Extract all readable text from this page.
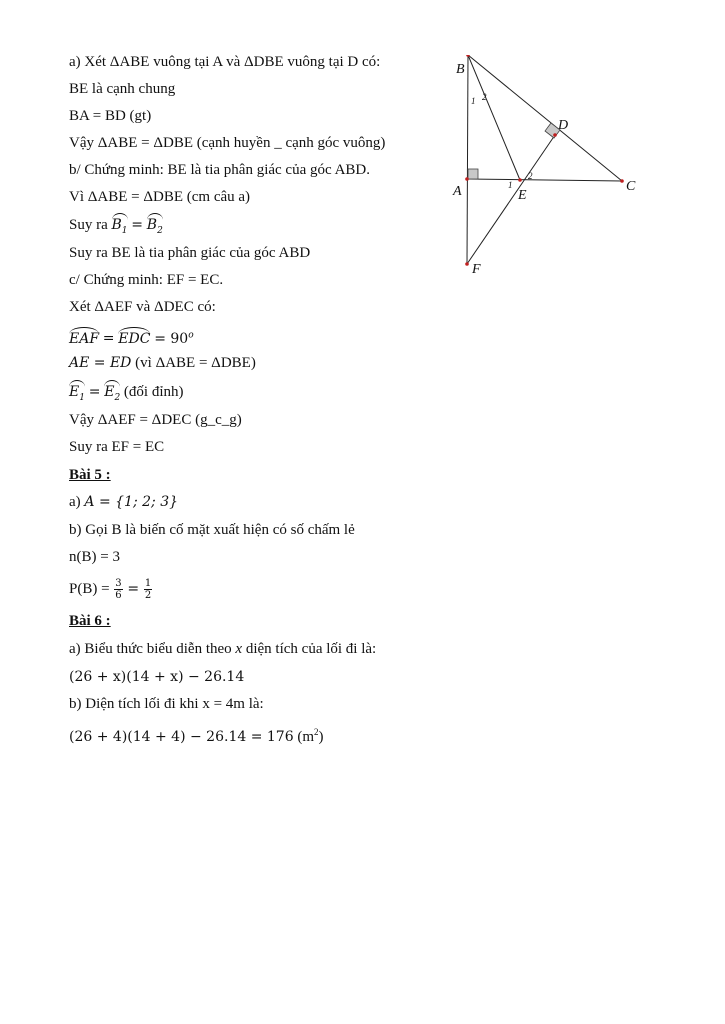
a) Xét ΔABE vuông tại A và ΔDBE vuông tại D có:
BE là cạnh chung
BA = BD (gt)
Vậy ΔABE = ΔDBE (cạnh huyền _ cạnh góc vuông)
b/ Chứng minh: BE là tia phân giác của góc ABD.
Vì ΔABE = ΔDBE (cm câu a)
Suy ra $B_1 = B_2$
Suy ra BE là tia phân giác của góc ABD
c/ Chứng minh: EF = EC.
Xét ΔAEF và ΔDEC có:
EAF = EDC = $90^o$
AE = ED (vì ΔABE = ΔDBE)
$E_1 = E_2$ (đối đỉnh)
Vậy ΔAEF = ΔDEC (g_c_g)
Suy ra EF = EC
Bài 5 :
a) A = {1; 2; 3}
b) Gọi B là biến cố mặt xuất hiện có số chấm lẻ
n(B) = 3
$P(B) = \frac{3}{6} = \frac{1}{2}$
Bài 6 :
a) Biểu thức biểu diễn theo x diện tích của lối đi là:
(26 + x)(14 + x) − 26.14
b) Diện tích lối đi khi x = 4m là:
(26 + 4)(14 + 4) − 26.14 = 176 $(m^2)$
B
D
A	E
C
F
1 2
1
2
